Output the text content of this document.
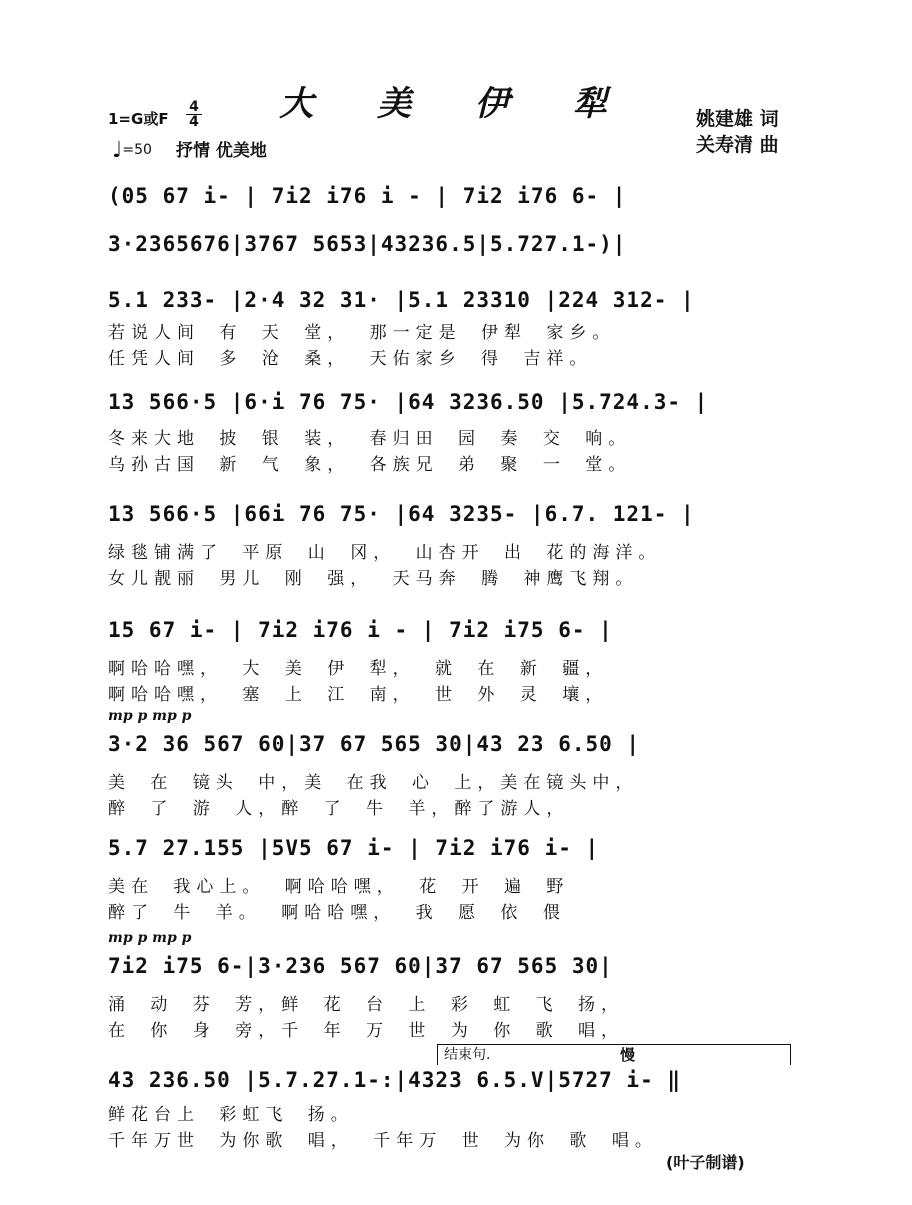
大 美 伊 犁
1=G或F
4
4
♩=50 抒情 优美地
姚建雄 词
关寿清 曲
(05 67 i- | 7i2 i76 i - | 7i2 i76 6- |
3·2365676|3767 5653|43236.5|5.727.1-)|
5.1 233- |2·4 32 31· |5.1 23310 |224 312- |
若说人间 有 天 堂， 那一定是 伊犁 家乡。
任凭人间 多 沧 桑， 天佑家乡 得 吉祥。
13 566·5 |6·i 76 75· |64 3236.50 |5.724.3- |
冬来大地 披 银 装， 春归田 园 奏 交 响。
乌孙古国 新 气 象， 各族兄 弟 聚 一 堂。
13 566·5 |66i 76 75· |64 3235- |6.7. 121- |
绿毯铺满了 平原 山 冈， 山杏开 出 花的海洋。
女儿靓丽 男儿 刚 强， 天马奔 腾 神鹰飞翔。
15 67 i- | 7i2 i76 i - | 7i2 i75 6- |
啊哈哈嘿， 大 美 伊 犁， 就 在 新 疆，
啊哈哈嘿， 塞 上 江 南， 世 外 灵 壤，
mp p mp p
3·2 36 567 60|37 67 565 30|43 23 6.50 |
美 在 镜头 中，美 在我 心 上，美在镜头中，
醉 了 游 人，醉 了 牛 羊，醉了游人，
5.7 27.155 |5V5 67 i- | 7i2 i76 i- |
美在 我心上。 啊哈哈嘿， 花 开 遍 野
醉了 牛 羊。 啊哈哈嘿， 我 愿 依 偎
mp p mp p
7i2 i75 6-|3·236 567 60|37 67 565 30|
涌 动 芬 芳，鲜 花 台 上 彩 虹 飞 扬，
在 你 身 旁，千 年 万 世 为 你 歌 唱，
结束句.	慢
43 236.50 |5.7.27.1-:|4323 6.5.V|5727 i- ‖
鲜花台上 彩虹飞 扬。
千年万世 为你歌 唱， 千年万 世 为你 歌 唱。
(叶子制谱)
